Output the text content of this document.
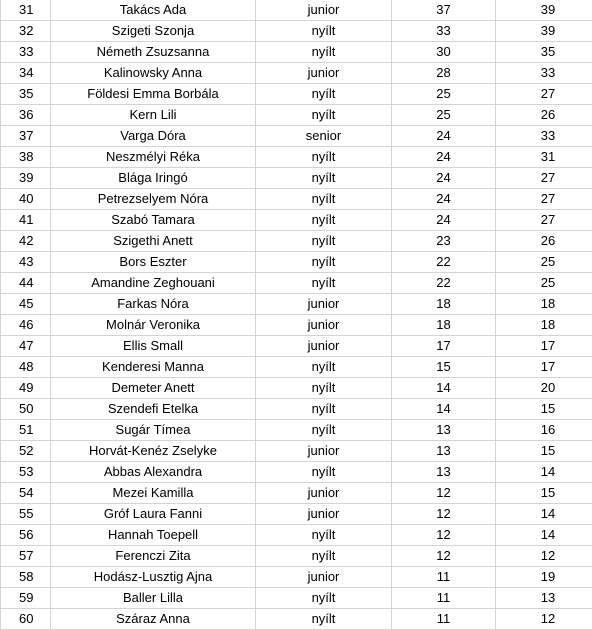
31	Takács Ada	junior	37	39
32	Szigeti Szonja	nyílt	33	39
33	Németh Zsuzsanna	nyílt	30	35
34	Kalinowsky Anna	junior	28	33
35	Földesi Emma Borbála	nyílt	25	27
36	Kern Lili	nyílt	25	26
37	Varga Dóra	senior	24	33
38	Neszmélyi Réka	nyílt	24	31
39	Blága Iringó	nyílt	24	27
40	Petrezselyem Nóra	nyílt	24	27
41	Szabó Tamara	nyílt	24	27
42	Szigethi Anett	nyílt	23	26
43	Bors Eszter	nyílt	22	25
44	Amandine Zeghouani	nyílt	22	25
45	Farkas Nóra	junior	18	18
46	Molnár Veronika	junior	18	18
47	Ellis Small	junior	17	17
48	Kenderesi Manna	nyílt	15	17
49	Demeter Anett	nyílt	14	20
50	Szendefi Etelka	nyílt	14	15
51	Sugár Tímea	nyílt	13	16
52	Horvát-Kenéz Zselyke	junior	13	15
53	Abbas Alexandra	nyílt	13	14
54	Mezei Kamilla	junior	12	15
55	Gróf Laura Fanni	junior	12	14
56	Hannah Toepell	nyílt	12	14
57	Ferenczi Zita	nyílt	12	12
58	Hodász-Lusztig Ajna	junior	11	19
59	Baller Lilla	nyílt	11	13
60	Száraz Anna	nyílt	11	12
